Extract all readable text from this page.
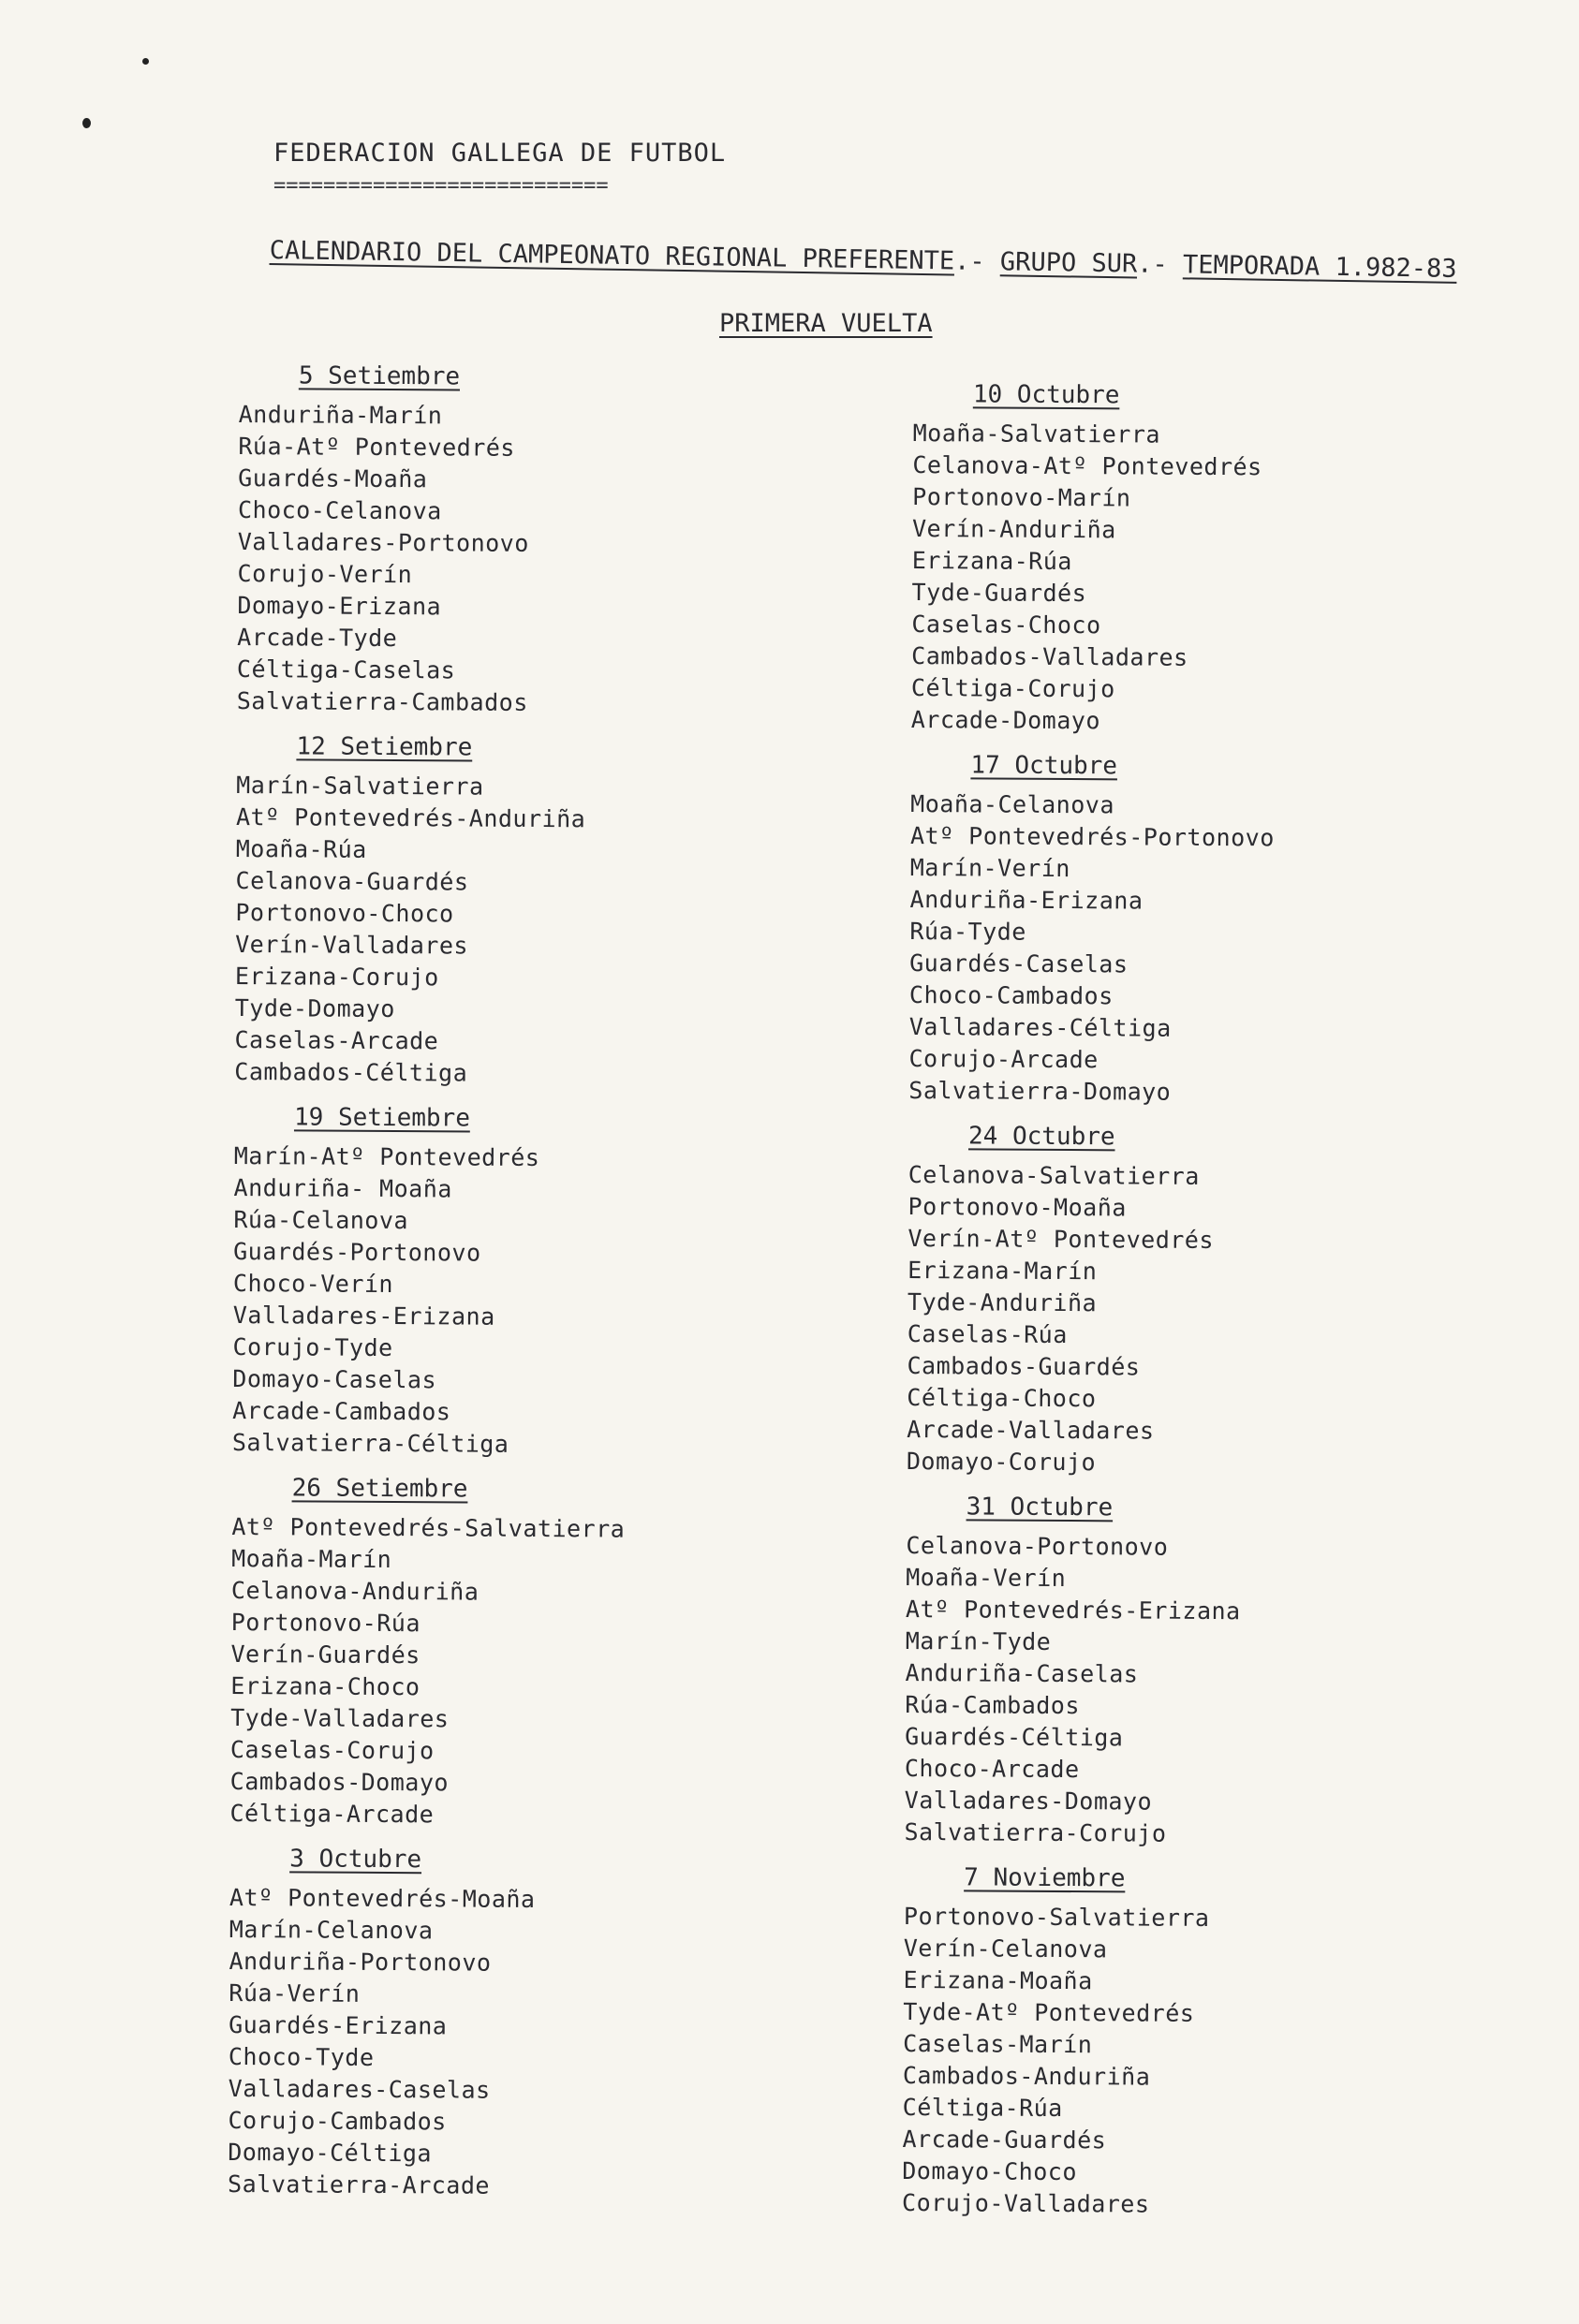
FEDERACION GALLEGA DE FUTBOL
===========================
CALENDARIO DEL CAMPEONATO REGIONAL PREFERENTE.- GRUPO SUR.- TEMPORADA 1.982-83
PRIMERA VUELTA
5 Setiembre
Anduriña-Marín
Rúa-Atº Pontevedrés
Guardés-Moaña
Choco-Celanova
Valladares-Portonovo
Corujo-Verín
Domayo-Erizana
Arcade-Tyde
Céltiga-Caselas
Salvatierra-Cambados
12 Setiembre
Marín-Salvatierra
Atº Pontevedrés-Anduriña
Moaña-Rúa
Celanova-Guardés
Portonovo-Choco
Verín-Valladares
Erizana-Corujo
Tyde-Domayo
Caselas-Arcade
Cambados-Céltiga
19 Setiembre
Marín-Atº Pontevedrés
Anduriña- Moaña
Rúa-Celanova
Guardés-Portonovo
Choco-Verín
Valladares-Erizana
Corujo-Tyde
Domayo-Caselas
Arcade-Cambados
Salvatierra-Céltiga
26 Setiembre
Atº Pontevedrés-Salvatierra
Moaña-Marín
Celanova-Anduriña
Portonovo-Rúa
Verín-Guardés
Erizana-Choco
Tyde-Valladares
Caselas-Corujo
Cambados-Domayo
Céltiga-Arcade
3 Octubre
Atº Pontevedrés-Moaña
Marín-Celanova
Anduriña-Portonovo
Rúa-Verín
Guardés-Erizana
Choco-Tyde
Valladares-Caselas
Corujo-Cambados
Domayo-Céltiga
Salvatierra-Arcade
10 Octubre
Moaña-Salvatierra
Celanova-Atº Pontevedrés
Portonovo-Marín
Verín-Anduriña
Erizana-Rúa
Tyde-Guardés
Caselas-Choco
Cambados-Valladares
Céltiga-Corujo
Arcade-Domayo
17 Octubre
Moaña-Celanova
Atº Pontevedrés-Portonovo
Marín-Verín
Anduriña-Erizana
Rúa-Tyde
Guardés-Caselas
Choco-Cambados
Valladares-Céltiga
Corujo-Arcade
Salvatierra-Domayo
24 Octubre
Celanova-Salvatierra
Portonovo-Moaña
Verín-Atº Pontevedrés
Erizana-Marín
Tyde-Anduriña
Caselas-Rúa
Cambados-Guardés
Céltiga-Choco
Arcade-Valladares
Domayo-Corujo
31 Octubre
Celanova-Portonovo
Moaña-Verín
Atº Pontevedrés-Erizana
Marín-Tyde
Anduriña-Caselas
Rúa-Cambados
Guardés-Céltiga
Choco-Arcade
Valladares-Domayo
Salvatierra-Corujo
7 Noviembre
Portonovo-Salvatierra
Verín-Celanova
Erizana-Moaña
Tyde-Atº Pontevedrés
Caselas-Marín
Cambados-Anduriña
Céltiga-Rúa
Arcade-Guardés
Domayo-Choco
Corujo-Valladares
